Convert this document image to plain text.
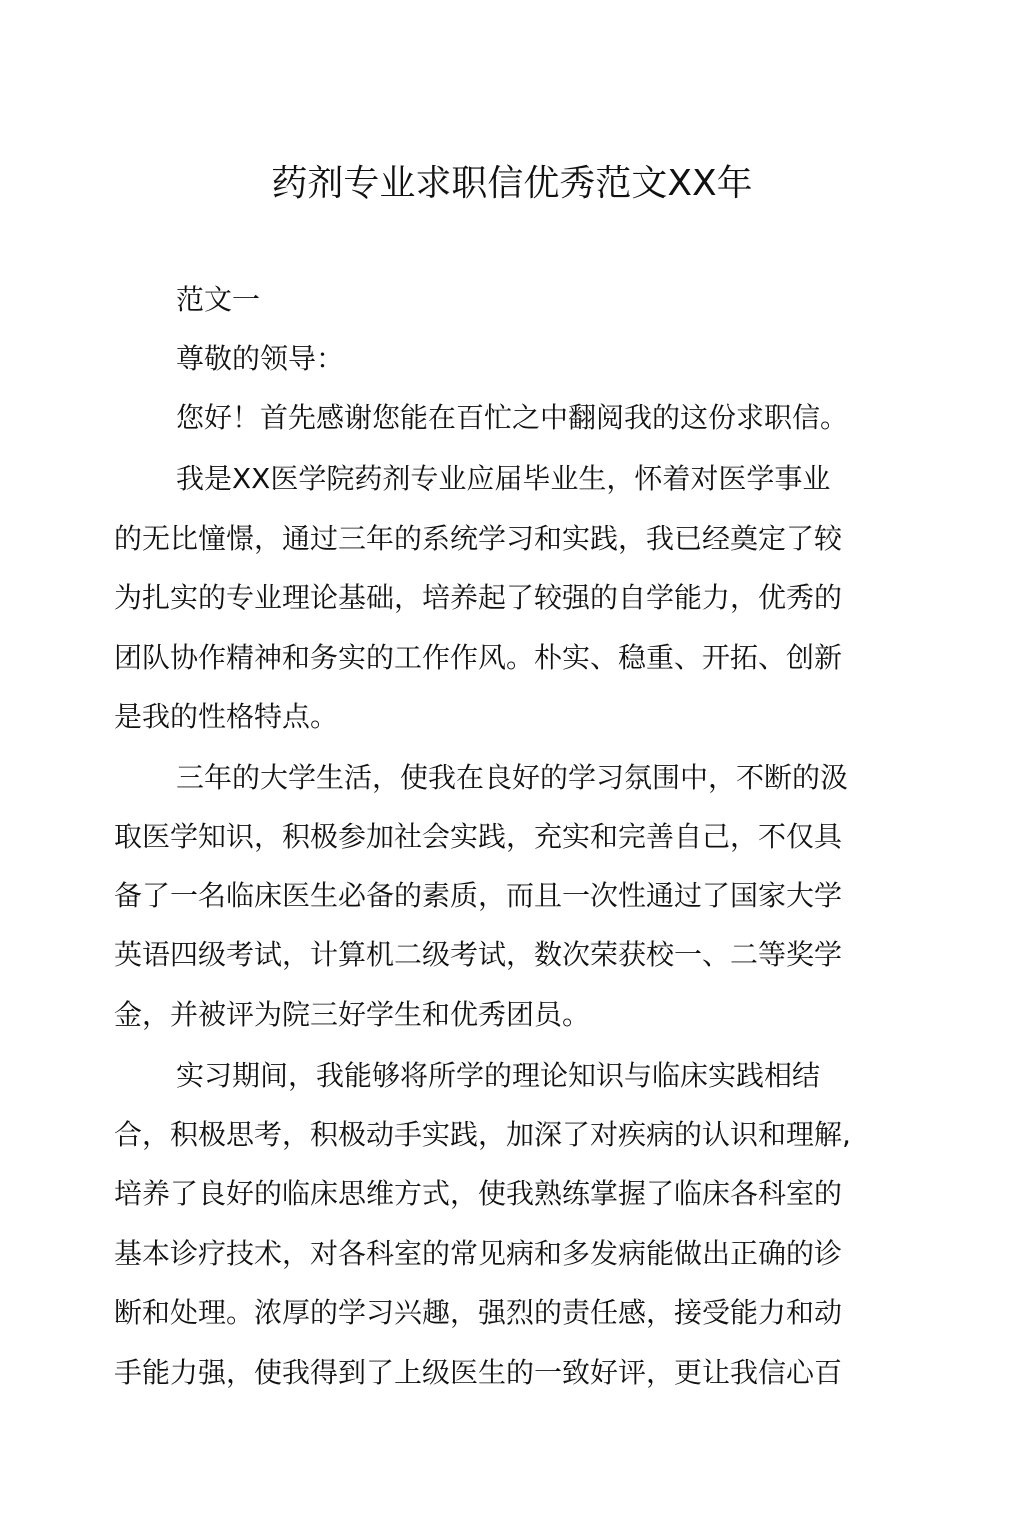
药剂专业求职信优秀范文XX年

范文一

尊敬的领导：

您好！首先感谢您能在百忙之中翻阅我的这份求职信。

我是XX医学院药剂专业应届毕业生，怀着对医学事业

的无比憧憬，通过三年的系统学习和实践，我已经奠定了较

为扎实的专业理论基础，培养起了较强的自学能力，优秀的

团队协作精神和务实的工作作风。朴实、稳重、开拓、创新

是我的性格特点。

三年的大学生活，使我在良好的学习氛围中，不断的汲

取医学知识，积极参加社会实践，充实和完善自己，不仅具

备了一名临床医生必备的素质，而且一次性通过了国家大学

英语四级考试，计算机二级考试，数次荣获校一、二等奖学

金，并被评为院三好学生和优秀团员。

实习期间，我能够将所学的理论知识与临床实践相结

合，积极思考，积极动手实践，加深了对疾病的认识和理解,

培养了良好的临床思维方式，使我熟练掌握了临床各科室的

基本诊疗技术，对各科室的常见病和多发病能做出正确的诊

断和处理。浓厚的学习兴趣，强烈的责任感，接受能力和动

手能力强，使我得到了上级医生的一致好评，更让我信心百
